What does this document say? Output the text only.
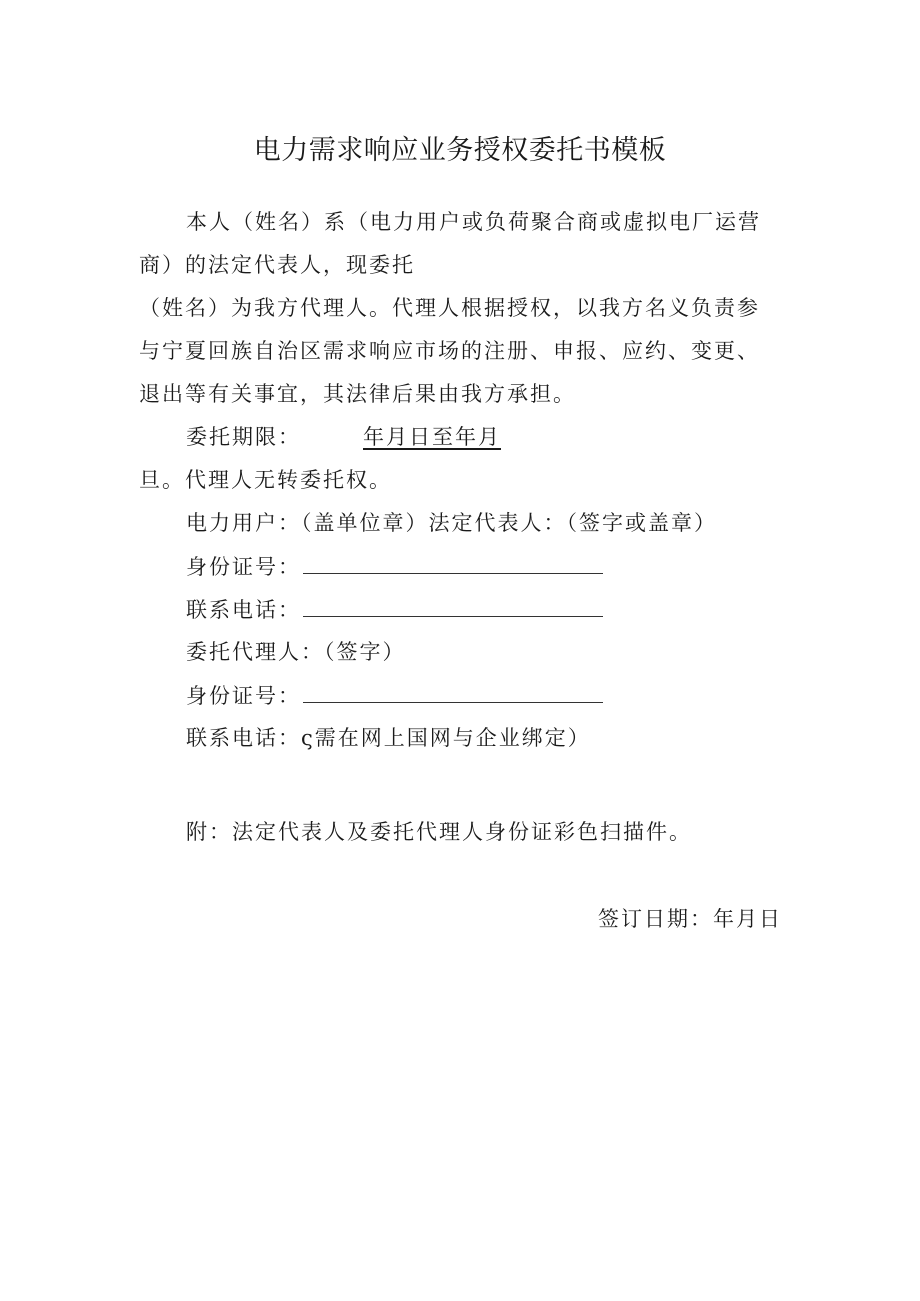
电力需求响应业务授权委托书模板
本人（姓名）系（电力用户或负荷聚合商或虚拟电厂运营
商）的法定代表人，现委托
（姓名）为我方代理人。代理人根据授权，以我方名义负责参
与宁夏回族自治区需求响应市场的注册、申报、应约、变更、
退出等有关事宜，其法律后果由我方承担。
委托期限：	年月日至年月
旦。代理人无转委托权。
电力用户：（盖单位章）法定代表人：（签字或盖章）
身份证号：
联系电话：
委托代理人：（签字）
身份证号：
联系电话：ς需在网上国网与企业绑定）
附：法定代表人及委托代理人身份证彩色扫描件。
签订日期：年月日
